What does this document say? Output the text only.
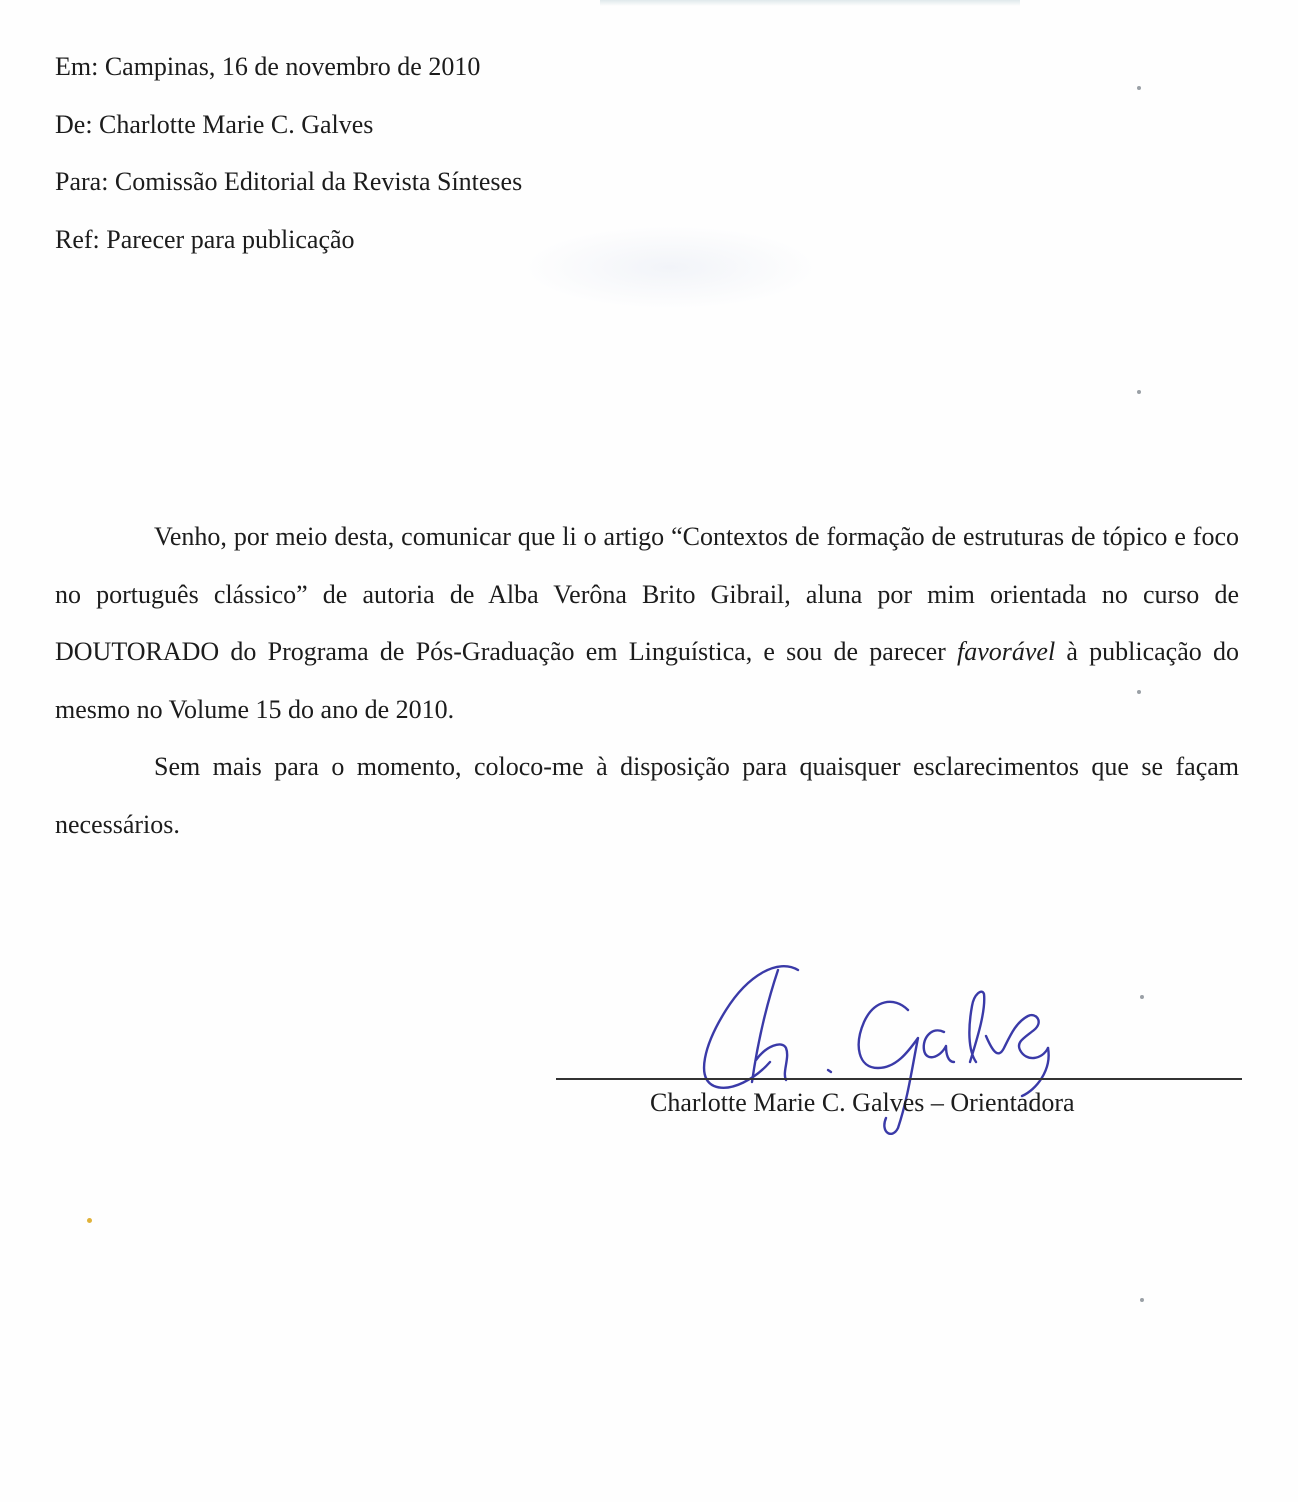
Em: Campinas, 16 de novembro de 2010
De: Charlotte Marie C. Galves
Para: Comissão Editorial da Revista Sínteses
Ref: Parecer para publicação

Venho, por meio desta, comunicar que li o artigo “Contextos de formação de estruturas de tópico e foco no português clássico” de autoria de Alba Verôna Brito Gibrail, aluna por mim orientada no curso de DOUTORADO do Programa de Pós-Graduação em Linguística, e sou de parecer favorável à publicação do mesmo no Volume 15 do ano de 2010.

Sem mais para o momento, coloco-me à disposição para quaisquer esclarecimentos que se façam necessários.

Charlotte Marie C. Galves – Orientadora
